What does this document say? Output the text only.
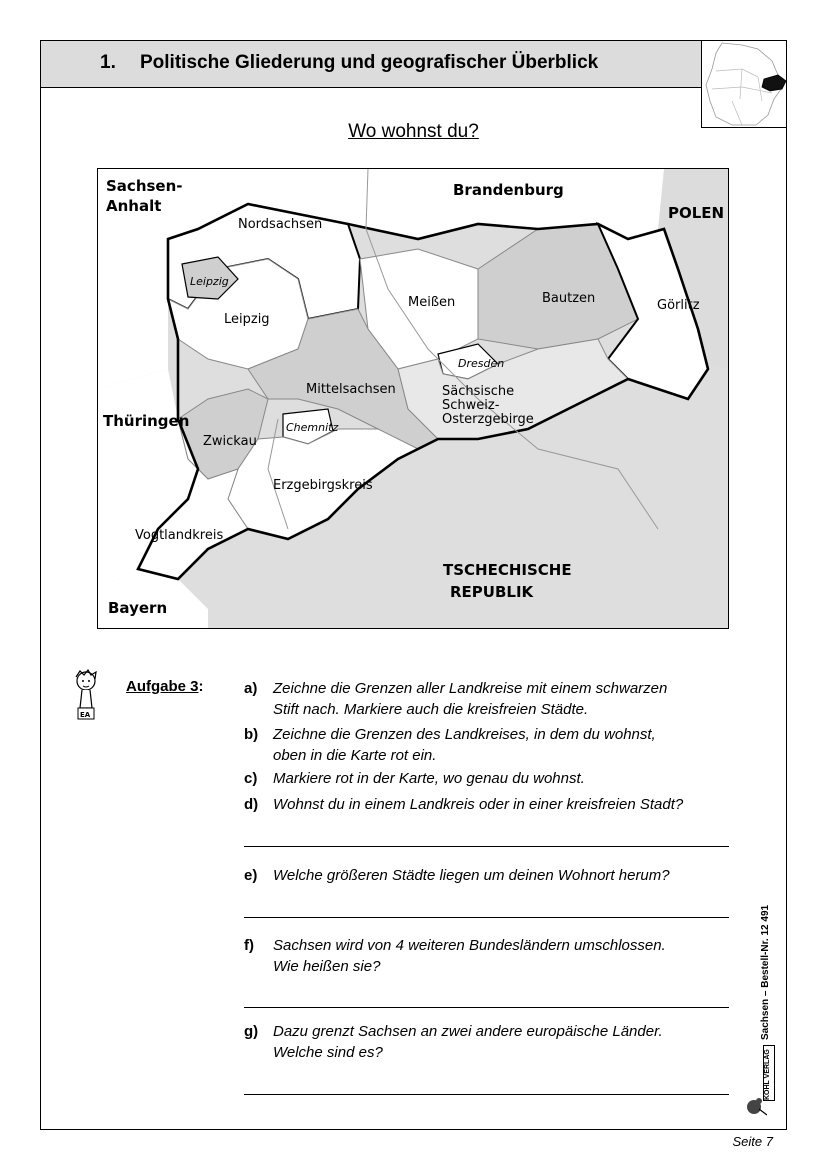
1. Politische Gliederung und geografischer Überblick
Wo wohnst du?
Sachsen-
Anhalt
Brandenburg
POLEN
Thüringen
Bayern
TSCHECHISCHE
REPUBLIK
Nordsachsen
Leipzig
Meißen	Bautzen	Görlitz
Mittelsachsen	Sächsische
Schweiz-
Osterzgebirge
Zwickau
Erzgebirgskreis
Vogtlandkreis
Leipzig
Dresden
Chemnitz
EA
Aufgabe 3:	a) Zeichne die Grenzen aller Landkreise mit einem schwarzen
Stift nach. Markiere auch die kreisfreien Städte.
b) Zeichne die Grenzen des Landkreises, in dem du wohnst,
oben in die Karte rot ein.
c) Markiere rot in der Karte, wo genau du wohnst.
d) Wohnst du in einem Landkreis oder in einer kreisfreien Stadt?
e) Welche größeren Städte liegen um deinen Wohnort herum?
f) Sachsen wird von 4 weiteren Bundesländern umschlossen.
Wie heißen sie?
g) Dazu grenzt Sachsen an zwei andere europäische Länder.
Welche sind es?
Sachsen – Bestell-Nr. 12 491
KOHL VERLAG
Seite 7
